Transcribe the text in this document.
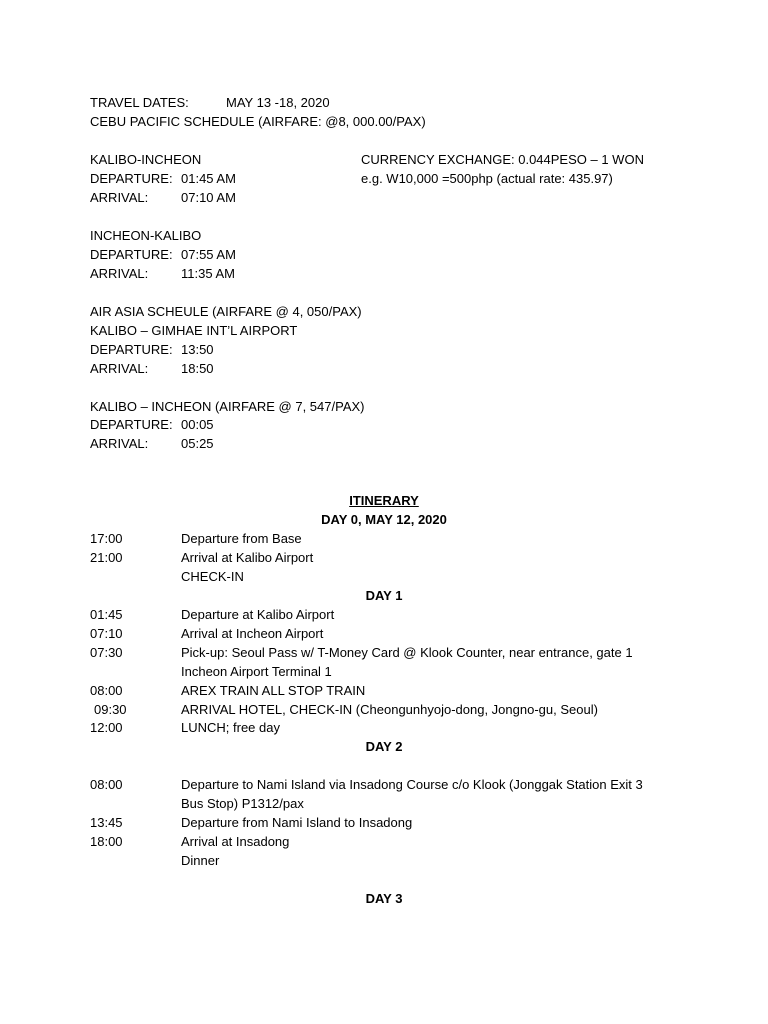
TRAVEL DATES:	MAY 13 -18, 2020
CEBU PACIFIC SCHEDULE (AIRFARE: @8, 000.00/PAX)
KALIBO-INCHEON	CURRENCY EXCHANGE: 0.044PESO – 1 WON
DEPARTURE: 01:45 AM	e.g. W10,000 =500php (actual rate: 435.97)
ARRIVAL:	07:10 AM
INCHEON-KALIBO
DEPARTURE: 07:55 AM
ARRIVAL:	11:35 AM
AIR ASIA SCHEULE (AIRFARE @ 4, 050/PAX)
KALIBO – GIMHAE INT’L AIRPORT
DEPARTURE: 13:50
ARRIVAL:	18:50
KALIBO – INCHEON (AIRFARE @ 7, 547/PAX)
DEPARTURE: 00:05
ARRIVAL:	05:25
ITINERARY
DAY 0, MAY 12, 2020
17:00	Departure from Base
21:00	Arrival at Kalibo Airport
CHECK-IN
DAY 1
01:45	Departure at Kalibo Airport
07:10	Arrival at Incheon Airport
07:30	Pick-up: Seoul Pass w/ T-Money Card @ Klook Counter, near entrance, gate 1
Incheon Airport Terminal 1
08:00	AREX TRAIN ALL STOP TRAIN
09:30	ARRIVAL HOTEL, CHECK-IN (Cheongunhyojo-dong, Jongno-gu, Seoul)
12:00	LUNCH; free day
DAY 2
08:00	Departure to Nami Island via Insadong Course c/o Klook (Jonggak Station Exit 3
Bus Stop) P1312/pax
13:45	Departure from Nami Island to Insadong
18:00	Arrival at Insadong
Dinner
DAY 3
